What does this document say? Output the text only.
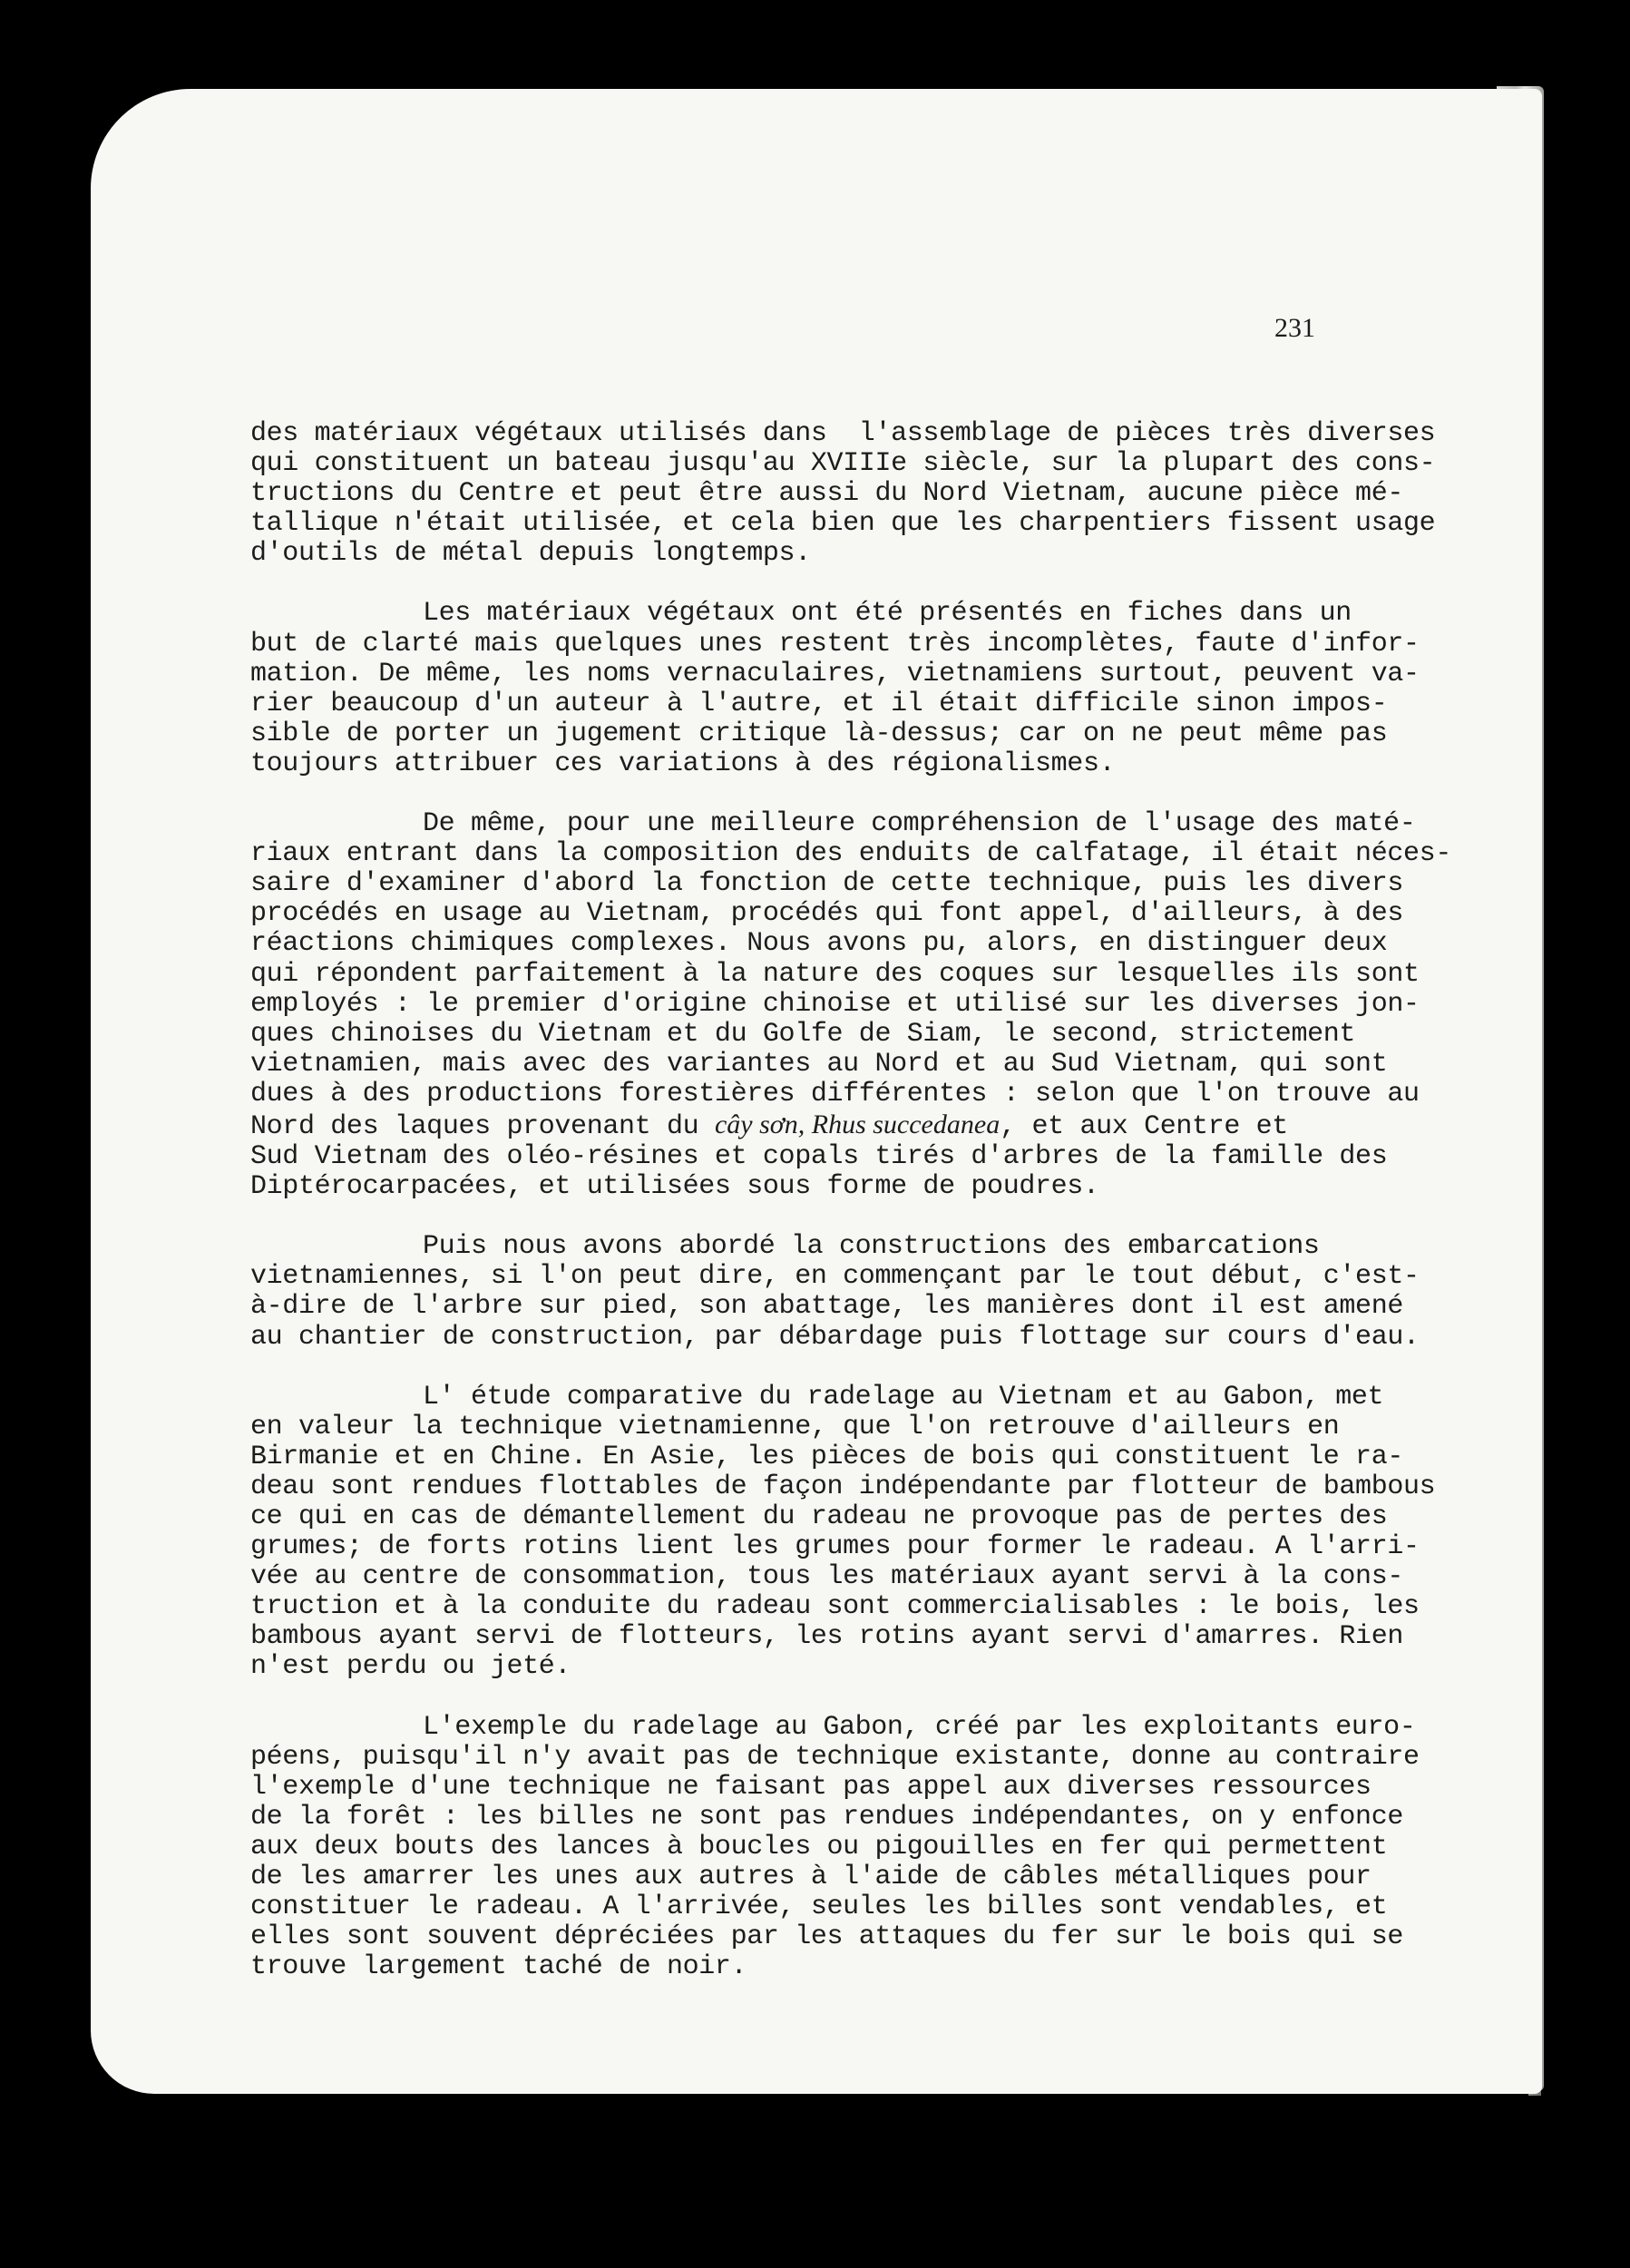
231

des matériaux végétaux utilisés dans  l'assemblage de pièces très diverses
qui constituent un bateau jusqu'au XVIIIe siècle, sur la plupart des cons-
tructions du Centre et peut être aussi du Nord Vietnam, aucune pièce mé-
tallique n'était utilisée, et cela bien que les charpentiers fissent usage
d'outils de métal depuis longtemps.

Les matériaux végétaux ont été présentés en fiches dans un
but de clarté mais quelques unes restent très incomplètes, faute d'infor-
mation. De même, les noms vernaculaires, vietnamiens surtout, peuvent va-
rier beaucoup d'un auteur à l'autre, et il était difficile sinon impos-
sible de porter un jugement critique là-dessus; car on ne peut même pas
toujours attribuer ces variations à des régionalismes.

De même, pour une meilleure compréhension de l'usage des maté-
riaux entrant dans la composition des enduits de calfatage, il était néces-
saire d'examiner d'abord la fonction de cette technique, puis les divers
procédés en usage au Vietnam, procédés qui font appel, d'ailleurs, à des
réactions chimiques complexes. Nous avons pu, alors, en distinguer deux
qui répondent parfaitement à la nature des coques sur lesquelles ils sont
employés : le premier d'origine chinoise et utilisé sur les diverses jon-
ques chinoises du Vietnam et du Golfe de Siam, le second, strictement
vietnamien, mais avec des variantes au Nord et au Sud Vietnam, qui sont
dues à des productions forestières différentes : selon que l'on trouve au
Nord des laques provenant du cây sơn, Rhus succedanea, et aux Centre et
Sud Vietnam des oléo-résines et copals tirés d'arbres de la famille des
Diptérocarpacées, et utilisées sous forme de poudres.

Puis nous avons abordé la constructions des embarcations
vietnamiennes, si l'on peut dire, en commençant par le tout début, c'est-
à-dire de l'arbre sur pied, son abattage, les manières dont il est amené
au chantier de construction, par débardage puis flottage sur cours d'eau.

L' étude comparative du radelage au Vietnam et au Gabon, met
en valeur la technique vietnamienne, que l'on retrouve d'ailleurs en
Birmanie et en Chine. En Asie, les pièces de bois qui constituent le ra-
deau sont rendues flottables de façon indépendante par flotteur de bambous
ce qui en cas de démantellement du radeau ne provoque pas de pertes des
grumes; de forts rotins lient les grumes pour former le radeau. A l'arri-
vée au centre de consommation, tous les matériaux ayant servi à la cons-
truction et à la conduite du radeau sont commercialisables : le bois, les
bambous ayant servi de flotteurs, les rotins ayant servi d'amarres. Rien
n'est perdu ou jeté.

L'exemple du radelage au Gabon, créé par les exploitants euro-
péens, puisqu'il n'y avait pas de technique existante, donne au contraire
l'exemple d'une technique ne faisant pas appel aux diverses ressources
de la forêt : les billes ne sont pas rendues indépendantes, on y enfonce
aux deux bouts des lances à boucles ou pigouilles en fer qui permettent
de les amarrer les unes aux autres à l'aide de câbles métalliques pour
constituer le radeau. A l'arrivée, seules les billes sont vendables, et
elles sont souvent dépréciées par les attaques du fer sur le bois qui se
trouve largement taché de noir.
